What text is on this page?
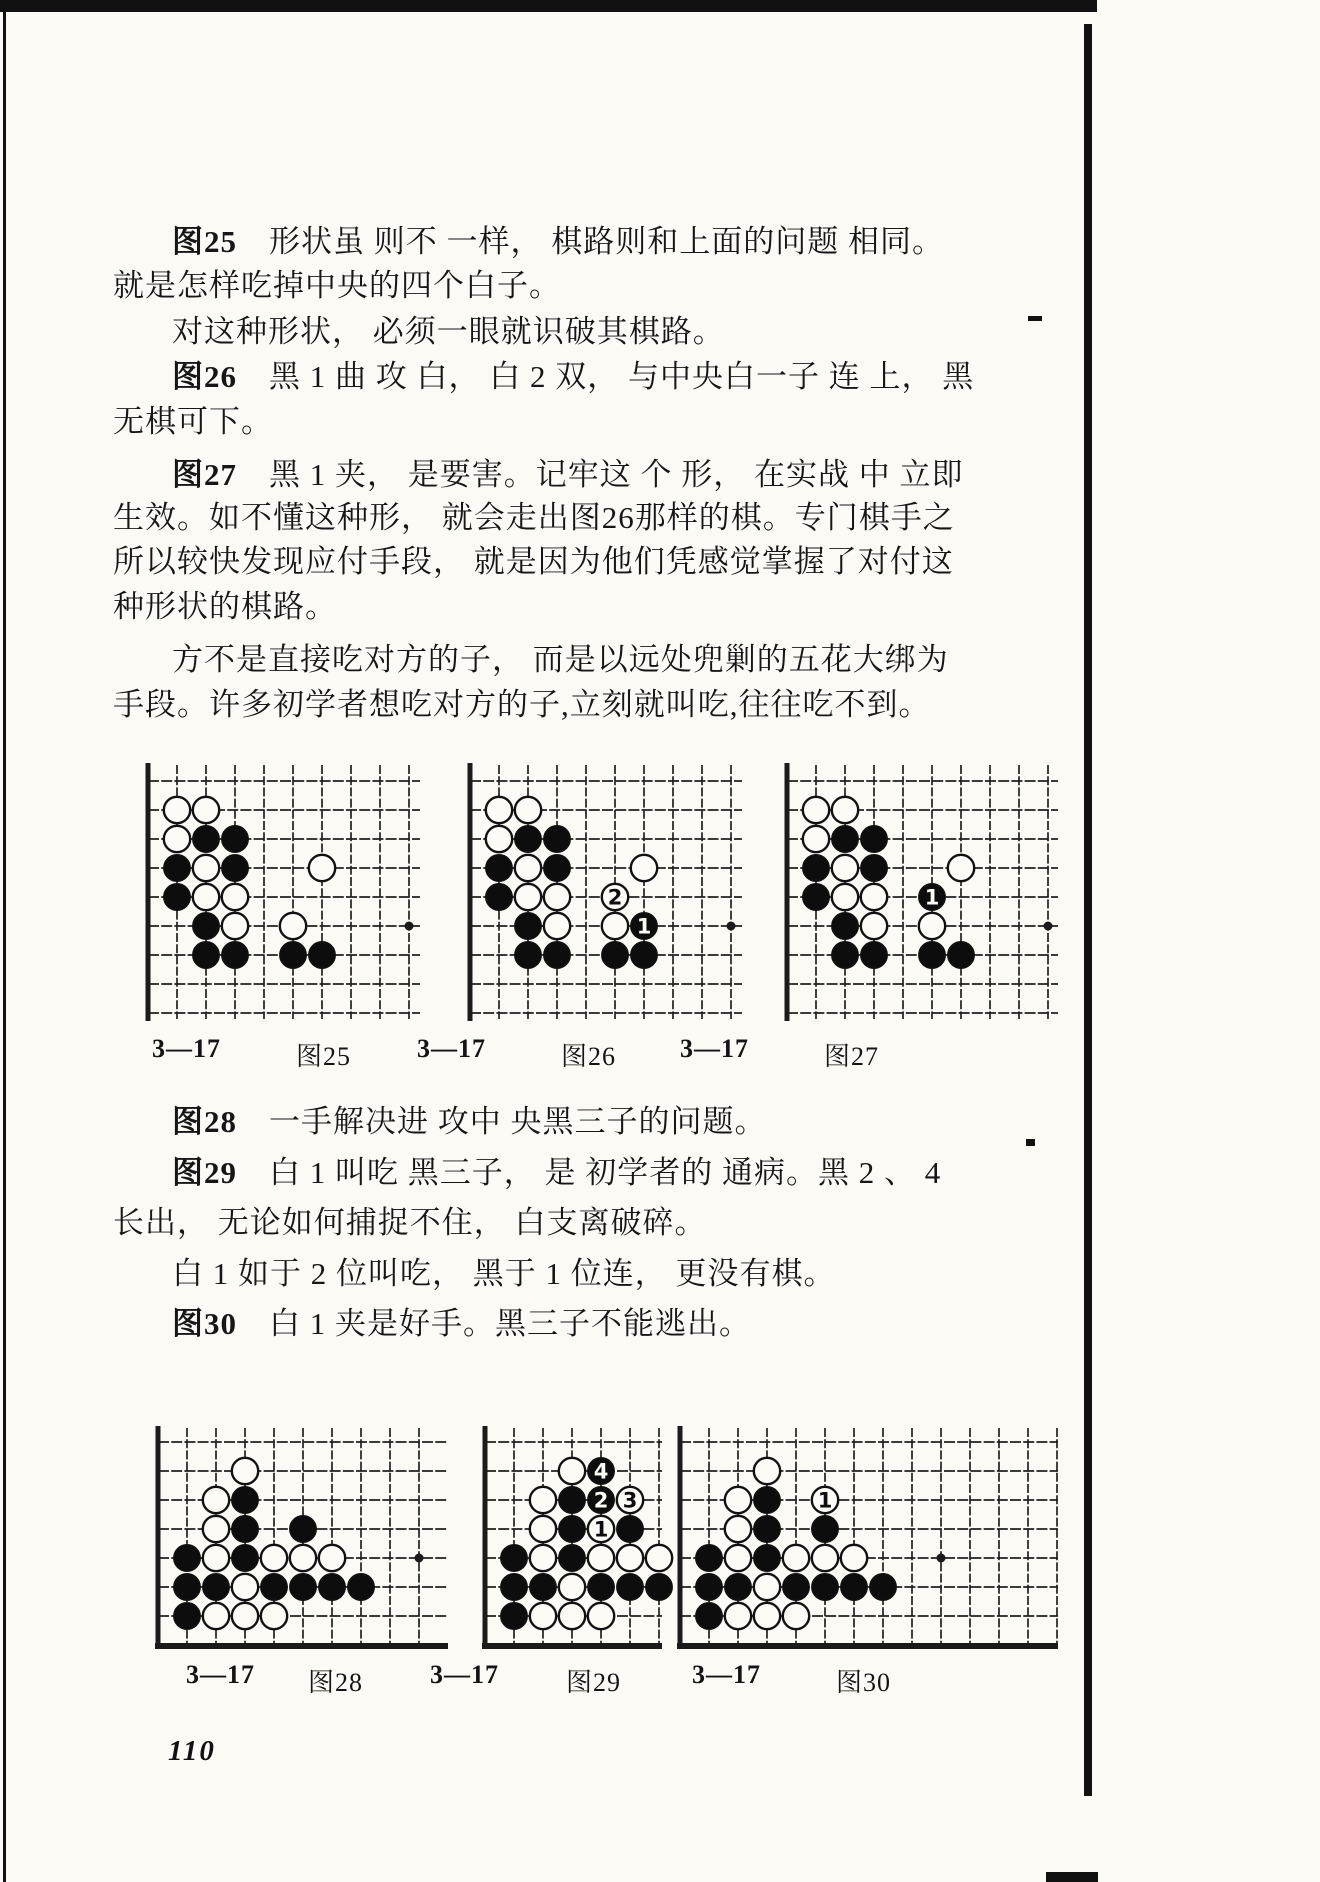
2
1
1
1
2 3
4
1
110
图25　形状虽 则不 一样， 棋路则和上面的问题 相同。
就是怎样吃掉中央的四个白子。
对这种形状， 必须一眼就识破其棋路。
图26　黑 1 曲 攻 白， 白 2 双， 与中央白一子 连 上， 黑
无棋可下。
图27　黑 1 夹， 是要害。记牢这 个 形， 在实战 中 立即
生效。如不懂这种形， 就会走出图26那样的棋。专门棋手之
所以较快发现应付手段， 就是因为他们凭感觉掌握了对付这
种形状的棋路。
方不是直接吃对方的子， 而是以远处兜剿的五花大绑为
手段。许多初学者想吃对方的子,立刻就叫吃,往往吃不到。
图28　一手解决进 攻中 央黑三子的问题。
图29　白 1 叫吃 黑三子， 是 初学者的 通病。黑 2 、 4
长出， 无论如何捕捉不住， 白支离破碎。
白 1 如于 2 位叫吃， 黑于 1 位连， 更没有棋。
图30　白 1 夹是好手。黑三子不能逃出。
3—17	图25	3—17	图26 3—17	图27
3—17 图28	3—17	图29	3—17	图30
